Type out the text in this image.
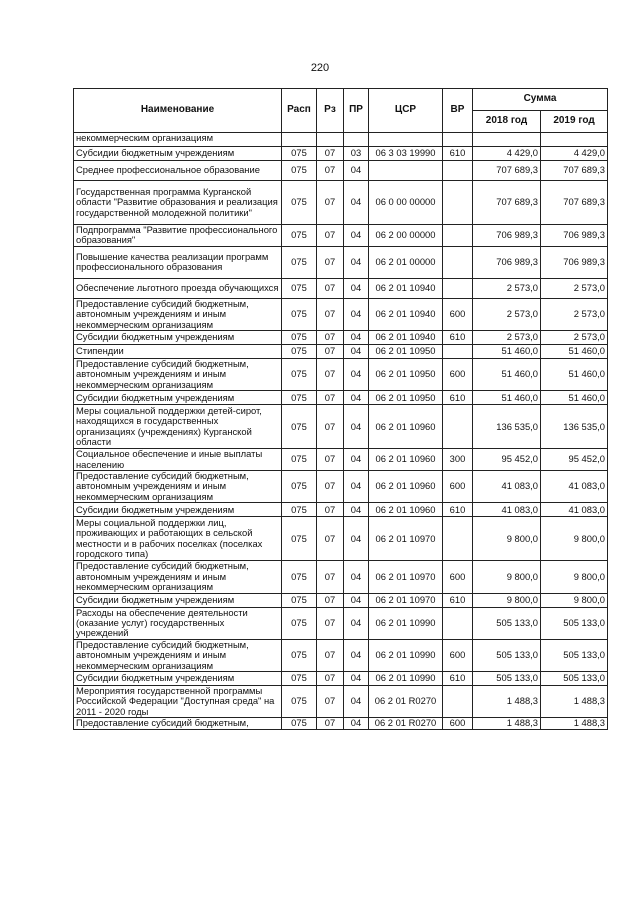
220
Наименование	Расп	Рз	ПР	ЦСР	ВР	Сумма	
						2018 год	2019 год
некоммерческим организациям							
Субсидии бюджетным учреждениям	075	07	03	06 3 03 19990	610	4 429,0	4 429,0
Среднее профессиональное образование	075	07	04			707 689,3	707 689,3
Государственная программа Курганской области "Развитие образования и реализация государственной молодежной политики"	075	07	04	06 0 00 00000		707 689,3	707 689,3
Подпрограмма "Развитие профессионального образования"	075	07	04	06 2 00 00000		706 989,3	706 989,3
Повышение качества реализации программ профессионального образования	075	07	04	06 2 01 00000		706 989,3	706 989,3
Обеспечение льготного проезда обучающихся	075	07	04	06 2 01 10940		2 573,0	2 573,0
Предоставление субсидий бюджетным, автономным учреждениям и иным некоммерческим организациям	075	07	04	06 2 01 10940	600	2 573,0	2 573,0
Субсидии бюджетным учреждениям	075	07	04	06 2 01 10940	610	2 573,0	2 573,0
Стипендии	075	07	04	06 2 01 10950		51 460,0	51 460,0
Предоставление субсидий бюджетным, автономным учреждениям и иным некоммерческим организациям	075	07	04	06 2 01 10950	600	51 460,0	51 460,0
Субсидии бюджетным учреждениям	075	07	04	06 2 01 10950	610	51 460,0	51 460,0
Меры социальной поддержки детей-сирот, находящихся в государственных организациях (учреждениях) Курганской области	075	07	04	06 2 01 10960		136 535,0	136 535,0
Социальное обеспечение и иные выплаты населению	075	07	04	06 2 01 10960	300	95 452,0	95 452,0
Предоставление субсидий бюджетным, автономным учреждениям и иным некоммерческим организациям	075	07	04	06 2 01 10960	600	41 083,0	41 083,0
Субсидии бюджетным учреждениям	075	07	04	06 2 01 10960	610	41 083,0	41 083,0
Меры социальной поддержки лиц, проживающих и работающих в сельской местности и в рабочих поселках (поселках городского типа)	075	07	04	06 2 01 10970		9 800,0	9 800,0
Предоставление субсидий бюджетным, автономным учреждениям и иным некоммерческим организациям	075	07	04	06 2 01 10970	600	9 800,0	9 800,0
Субсидии бюджетным учреждениям	075	07	04	06 2 01 10970	610	9 800,0	9 800,0
Расходы на обеспечение деятельности (оказание услуг) государственных учреждений	075	07	04	06 2 01 10990		505 133,0	505 133,0
Предоставление субсидий бюджетным, автономным учреждениям и иным некоммерческим организациям	075	07	04	06 2 01 10990	600	505 133,0	505 133,0
Субсидии бюджетным учреждениям	075	07	04	06 2 01 10990	610	505 133,0	505 133,0
Мероприятия государственной программы Российской Федерации "Доступная среда" на 2011 - 2020 годы	075	07	04	06 2 01 R0270		1 488,3	1 488,3
Предоставление субсидий бюджетным,	075	07	04	06 2 01 R0270	600	1 488,3	1 488,3
